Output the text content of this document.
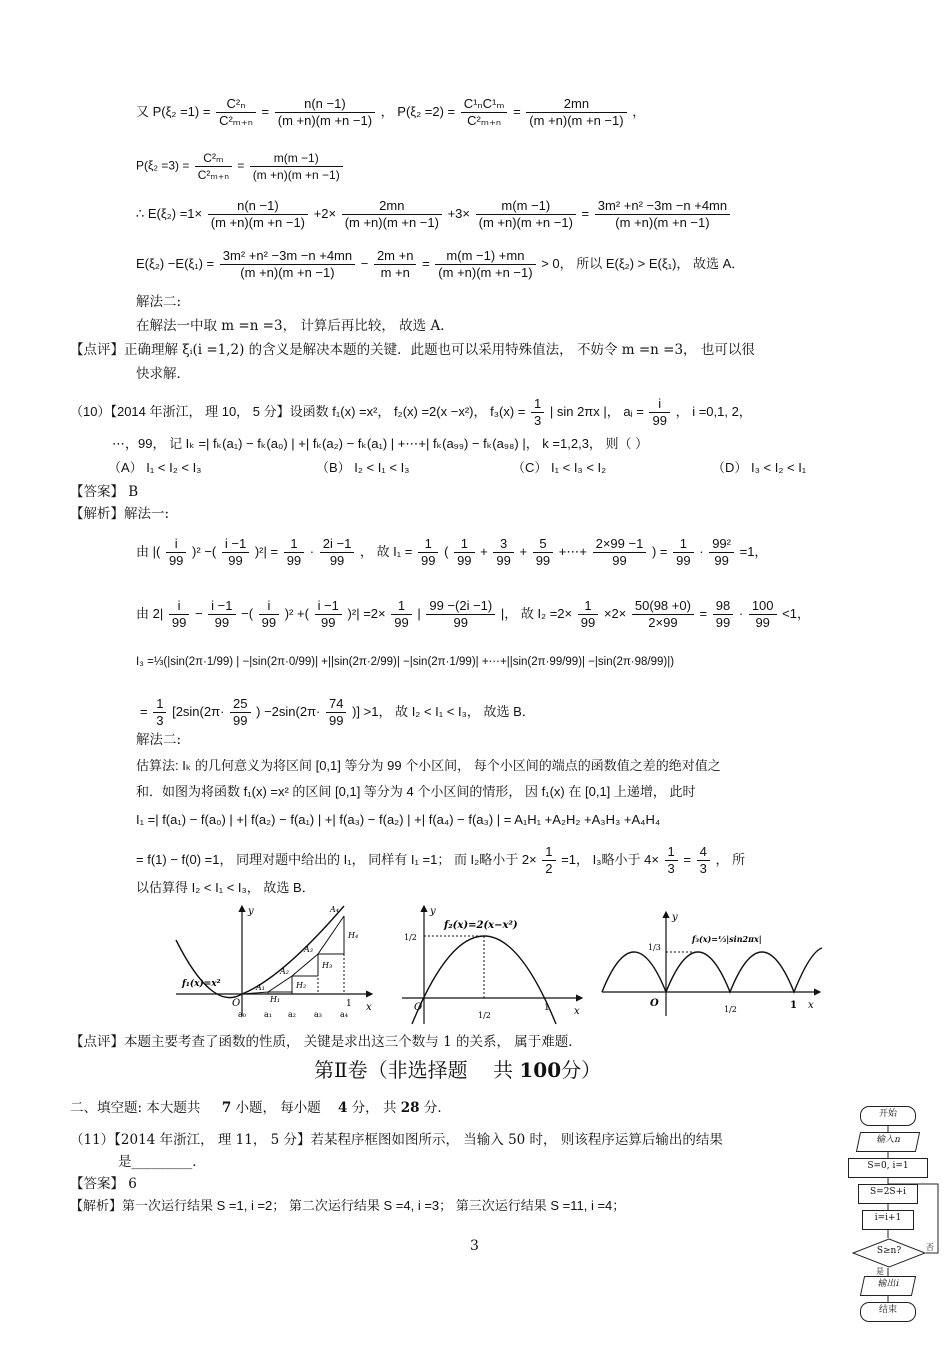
又 $P(\xi_2 =1) = \frac{\text{C²ₙ}}{\text{C²ₘ₊ₙ}} = \frac{n(n -1)}{(m +n)(m +n -1)}$ ， $P(\xi_2 =2) = \frac{\text{C¹ₙC¹ₘ}}{\text{C²ₘ₊ₙ}} = \frac{2mn}{(m +n)(m +n -1)}$ ，
$P(\xi_2 =3) = \frac{\text{C²ₘ}}{\text{C²ₘ₊ₙ}} = \frac{m(m -1)}{(m +n)(m +n -1)}$
∴ $E(\xi_2) =1\times \frac{n(n -1)}{(m +n)(m +n -1)} +2\times \frac{2mn}{(m +n)(m +n -1)} +3\times \frac{m(m -1)}{(m +n)(m +n -1)} = \frac{\text{3m² +n² −3m −n +4mn}}{(m +n)(m +n -1)}$
$E(\xi_2) -E(\xi_1) = \frac{\text{3m² +n² −3m −n +4mn}}{(m +n)(m +n -1)} - \frac{2m +n}{m +n} = \frac{m(m -1) +mn}{(m +n)(m +n -1)} > 0$， 所以 E(ξ₂) > E(ξ₁)， 故选 A．
解法二:
在解法一中取 m =n =3， 计算后再比较， 故选 A．
【点评】正确理解 ξᵢ(i =1,2) 的含义是解决本题的关键．此题也可以采用特殊值法， 不妨令 m =n =3， 也可以很
快求解．
（10）【2014 年浙江， 理 10， 5 分】设函数 f₁(x) =x²， f₂(x) =2(x −x²)， $f_3(x) = \frac{1}{3}$ | sin 2πx |， aᵢ = $\frac{i}{99}$ ， i =0,1, 2，
⋯，99， 记 Iₖ =| fₖ(a₁) − fₖ(a₀) | +| fₖ(a₂) − fₖ(a₁) | +⋯+| fₖ(a₉₉) − fₖ(a₉₈) |， k =1,2,3， 则（ ）
（A） I₁ < I₂ < I₃	（B） I₂ < I₁ < I₃	（C） I₁ < I₃ < I₂	（D） I₃ < I₂ < I₁
【答案】 B
【解析】解法一:
由 |( $\frac{i}{99} )^2$ −( $\frac{i -1}{99} )^2| = \frac{1}{99} \cdot \frac{2i -1}{99}$ ， 故 $I_1 = \frac{1}{99}$ ( $\frac{1}{99} + \frac{3}{99} + \frac{5}{99}$ +⋯+ $\frac{2\times 99 -1}{99}$ ) = $\frac{1}{99} \cdot \frac{\text{99²}}{99} =1$，
由 $2| \frac{i}{99} - \frac{i -1}{99}$ −( $\frac{i}{99} )^2$ +( $\frac{i -1}{99} )^2| =2\times \frac{1}{99}$ | $\frac{99 -(2i -1)}{99}$ |， 故 $I_2 =2\times \frac{1}{99} \times 2\times \frac{50(98 +0)}{2\times 99} = \frac{98}{99} \cdot \frac{100}{99} <1$，
I₃ =⅓(|sin(2π·1/99) | −|sin(2π·0/99)| +||sin(2π·2/99)| −|sin(2π·1/99)| +⋯+||sin(2π·99/99)| −|sin(2π·98/99)|)
= $\frac{1}{3} [2\sin(2\pi\cdot \frac{25}{99}$ ) $-2\sin(2\pi\cdot \frac{74}{99}$ )] >1， 故 I₂ < I₁ < I₃， 故选 B．
解法二:
估算法: Iₖ 的几何意义为将区间 [0,1] 等分为 99 个小区间， 每个小区间的端点的函数值之差的绝对值之
和．如图为将函数 f₁(x) =x² 的区间 [0,1] 等分为 4 个小区间的情形， 因 f₁(x) 在 [0,1] 上递增， 此时
I₁ =| f(a₁) − f(a₀) | +| f(a₂) − f(a₁) | +| f(a₃) − f(a₂) | +| f(a₄) − f(a₃) | = A₁H₁ +A₂H₂ +A₃H₃ +A₄H₄
= f(1) − f(0) =1， 同理对题中给出的 I₁， 同样有 I₁ =1； 而 I₂略小于 $2\times \frac{1}{2} =1$， I₃略小于 $4\times \frac{1}{3} = \frac{4}{3}$ ， 所
以估算得 I₂ < I₁ < I₃， 故选 B．
f₁(x)=x²
y
x
O	1
a₀ a₁ a₂ a₃ a₄
A₁
A₂
A₃
A₄
H₁
H₂
H₃
H₄
f₂(x)=2(x−x²)
y
x
O
1/2
1/2
1
f₃(x)=⅓|sin2πx|
y
x
O
1/3
1/2	1
【点评】本题主要考查了函数的性质， 关键是求出这三个数与 1 的关系， 属于难题．
第Ⅱ卷（非选择题 共 100分）
二、填空题: 本大题共 7 小题， 每小题 4 分， 共 28 分．
（11）【2014 年浙江， 理 11， 5 分】若某程序框图如图所示， 当输入 50 时， 则该程序运算后输出的结果
是_________．
【答案】 6
【解析】第一次运行结果 S =1, i =2； 第二次运行结果 S =4, i =3； 第三次运行结果 S =11, i =4；
3
开始
输入n
S=0, i=1
S=2S+i
i=i+1
S≥n?	否
是
输出i
结束
